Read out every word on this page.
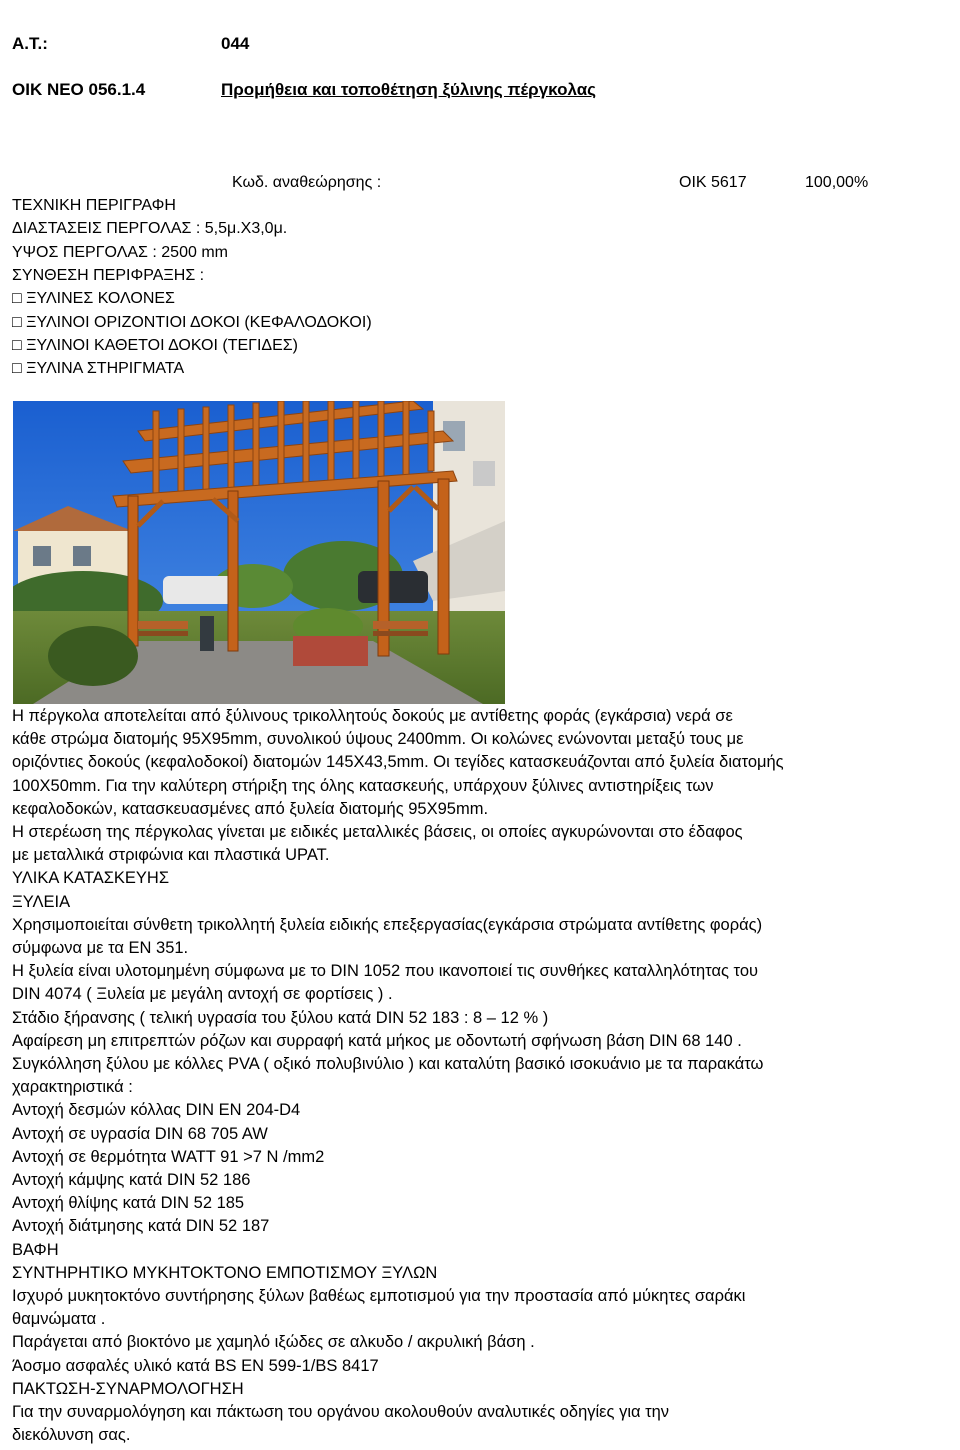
Α.Τ.:	044
ΟΙΚ ΝΕΟ 056.1.4	Προμήθεια και τοποθέτηση ξύλινης πέργκολας
Κωδ. αναθεώρησης :	ΟΙΚ 5617	100,00%
ΤΕΧΝΙΚΗ ΠΕΡΙΓΡΑΦΗ
ΔΙΑΣΤΑΣΕΙΣ ΠΕΡΓΟΛΑΣ : 5,5μ.Χ3,0μ.
ΥΨΟΣ ΠΕΡΓΟΛΑΣ : 2500 mm
ΣΥΝΘΕΣΗ ΠΕΡΙΦΡΑΞΗΣ :
□ ΞΥΛΙΝΕΣ ΚΟΛΟΝΕΣ
□ ΞΥΛΙΝΟΙ ΟΡΙΖΟΝΤΙΟΙ ΔΟΚΟΙ (ΚΕΦΑΛΟΔΟΚΟΙ)
□ ΞΥΛΙΝΟΙ ΚΑΘΕΤΟΙ ΔΟΚΟΙ (ΤΕΓΙΔΕΣ)
□ ΞΥΛΙΝΑ ΣΤΗΡΙΓΜΑΤΑ
Η πέργκολα αποτελείται από ξύλινους τρικολλητούς δοκούς με αντίθετης φοράς (εγκάρσια) νερά σε
κάθε στρώμα διατομής 95Χ95mm, συνολικού ύψους 2400mm. Οι κολώνες ενώνονται μεταξύ τους με
οριζόντιες δοκούς (κεφαλοδοκοί) διατομών 145Χ43,5mm. Οι τεγίδες κατασκευάζονται από ξυλεία διατομής
100Χ50mm. Για την καλύτερη στήριξη της όλης κατασκευής, υπάρχουν ξύλινες αντιστηρίξεις των
κεφαλοδοκών, κατασκευασμένες από ξυλεία διατομής 95Χ95mm.
Η στερέωση της πέργκολας γίνεται με ειδικές μεταλλικές βάσεις, οι οποίες αγκυρώνονται στο έδαφος
με μεταλλικά στριφώνια και πλαστικά UPAT.
ΥΛΙΚΑ ΚΑΤΑΣΚΕΥΗΣ
ΞΥΛΕΙΑ
Χρησιμοποιείται σύνθετη τρικολλητή ξυλεία ειδικής επεξεργασίας(εγκάρσια στρώματα αντίθετης φοράς)
σύμφωνα με τα ΕΝ 351.
Η ξυλεία είναι υλοτομημένη σύμφωνα με το DIN 1052 που ικανοποιεί τις συνθήκες καταλληλότητας του
DIN 4074 ( Ξυλεία με μεγάλη αντοχή σε φορτίσεις ) .
Στάδιο ξήρανσης ( τελική υγρασία του ξύλου κατά DIN 52 183 : 8 – 12 % )
Αφαίρεση μη επιτρεπτών ρόζων και συρραφή κατά μήκος με οδοντωτή σφήνωση βάση DIN 68 140 .
Συγκόλληση ξύλου με κόλλες PVA ( οξικό πολυβινύλιο ) και καταλύτη βασικό ισοκυάνιο με τα παρακάτω
χαρακτηριστικά :
Αντοχή δεσμών κόλλας DIN EN 204-D4
Αντοχή σε υγρασία DIN 68 705 AW
Αντοχή σε θερμότητα WATT 91 >7 N /mm2
Αντοχή κάμψης κατά DIN 52 186
Αντοχή θλίψης κατά DIN 52 185
Αντοχή διάτμησης κατά DIN 52 187
ΒΑΦΗ
ΣΥΝΤΗΡΗΤΙΚΟ ΜΥΚΗΤΟΚΤΟΝΟ ΕΜΠΟΤΙΣΜΟΥ ΞΥΛΩΝ
Ισχυρό μυκητοκτόνο συντήρησης ξύλων βαθέως εμποτισμού για την προστασία από μύκητες σαράκι
θαμνώματα .
Παράγεται από βιοκτόνο με χαμηλό ιξώδες σε αλκυδο / ακρυλική βάση .
Άοσμο ασφαλές υλικό κατά BS EN 599-1/BS 8417
ΠΑΚΤΩΣΗ-ΣΥΝΑΡΜΟΛΟΓΗΣΗ
Για την συναρμολόγηση και πάκτωση του οργάνου ακολουθούν αναλυτικές οδηγίες για την
διεκόλυνση σας.
